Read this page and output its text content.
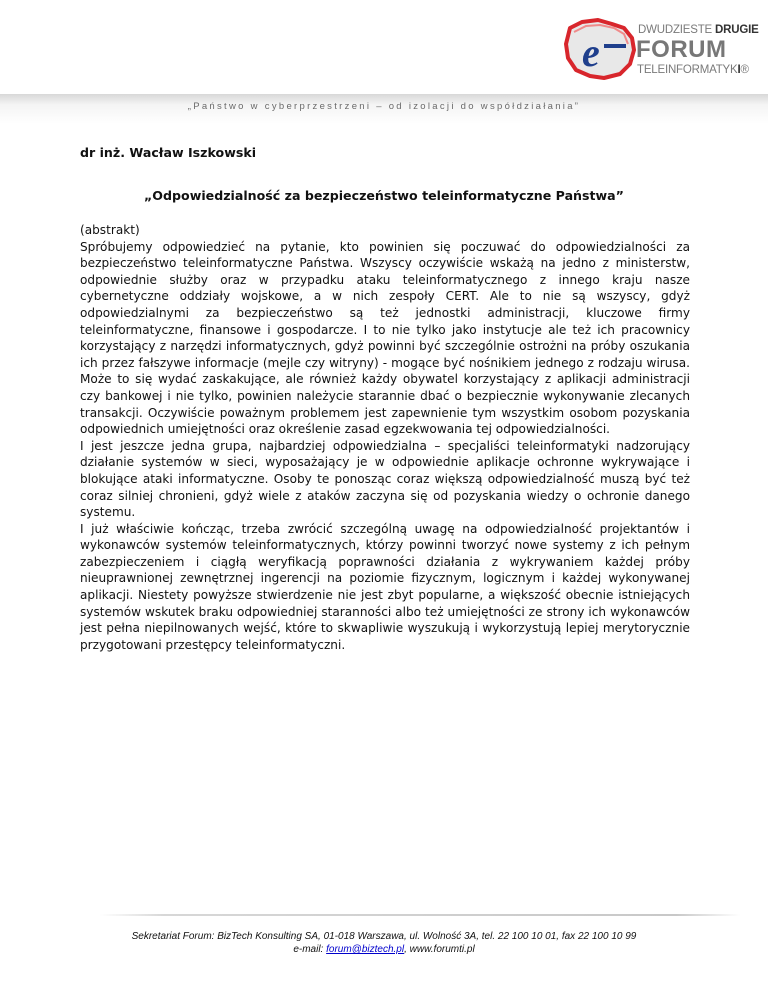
e	DWUDZIESTE DRUGIE
FORUM
TELEINFORMATYKI®
„Państwo w cyberprzestrzeni – od izolacji do współdziałania”
dr inż. Wacław Iszkowski
„Odpowiedzialność za bezpieczeństwo teleinformatyczne Państwa”

(abstrakt)

Spróbujemy odpowiedzieć na pytanie, kto powinien się poczuwać do odpowiedzialności za bezpieczeństwo teleinformatyczne Państwa. Wszyscy oczywiście wskażą na jedno z ministerstw, odpowiednie służby oraz w przypadku ataku teleinformatycznego z innego kraju nasze cybernetyczne oddziały wojskowe, a w nich zespoły CERT. Ale to nie są wszyscy, gdyż odpowiedzialnymi za bezpieczeństwo są też jednostki administracji, kluczowe firmy teleinformatyczne, finansowe i gospodarcze. I to nie tylko jako instytucje ale też ich pracownicy korzystający z narzędzi informatycznych, gdyż powinni być szczególnie ostrożni na próby oszukania ich przez fałszywe informacje (mejle czy witryny) - mogące być nośnikiem jednego z rodzaju wirusa. Może to się wydać zaskakujące, ale również każdy obywatel korzystający z aplikacji administracji czy bankowej i nie tylko, powinien należycie starannie dbać o bezpiecznie wykonywanie zlecanych transakcji. Oczywiście poważnym problemem jest zapewnienie tym wszystkim osobom pozyskania odpowiednich umiejętności oraz określenie zasad egzekwowania tej odpowiedzialności.

I jest jeszcze jedna grupa, najbardziej odpowiedzialna – specjaliści teleinformatyki nadzorujący działanie systemów w sieci, wyposażający je w odpowiednie aplikacje ochronne wykrywające i blokujące ataki informatyczne. Osoby te ponosząc coraz większą odpowiedzialność muszą być też coraz silniej chronieni, gdyż wiele z ataków zaczyna się od pozyskania wiedzy o ochronie danego systemu.

I już właściwie kończąc, trzeba zwrócić szczególną uwagę na odpowiedzialność projektantów i wykonawców systemów teleinformatycznych, którzy powinni tworzyć nowe systemy z ich pełnym zabezpieczeniem i ciągłą weryfikacją poprawności działania z wykrywaniem każdej próby nieuprawnionej zewnętrznej ingerencji na poziomie fizycznym, logicznym i każdej wykonywanej aplikacji. Niestety powyższe stwierdzenie nie jest zbyt popularne, a większość obecnie istniejących systemów wskutek braku odpowiedniej staranności albo też umiejętności ze strony ich wykonawców jest pełna niepilnowanych wejść, które to skwapliwie wyszukują i wykorzystują lepiej merytorycznie przygotowani przestępcy teleinformatyczni.

Sekretariat Forum: BizTech Konsulting SA, 01-018 Warszawa, ul. Wolność 3A, tel. 22 100 10 01, fax 22 100 10 99
e-mail: forum@biztech.pl, www.forumti.pl
